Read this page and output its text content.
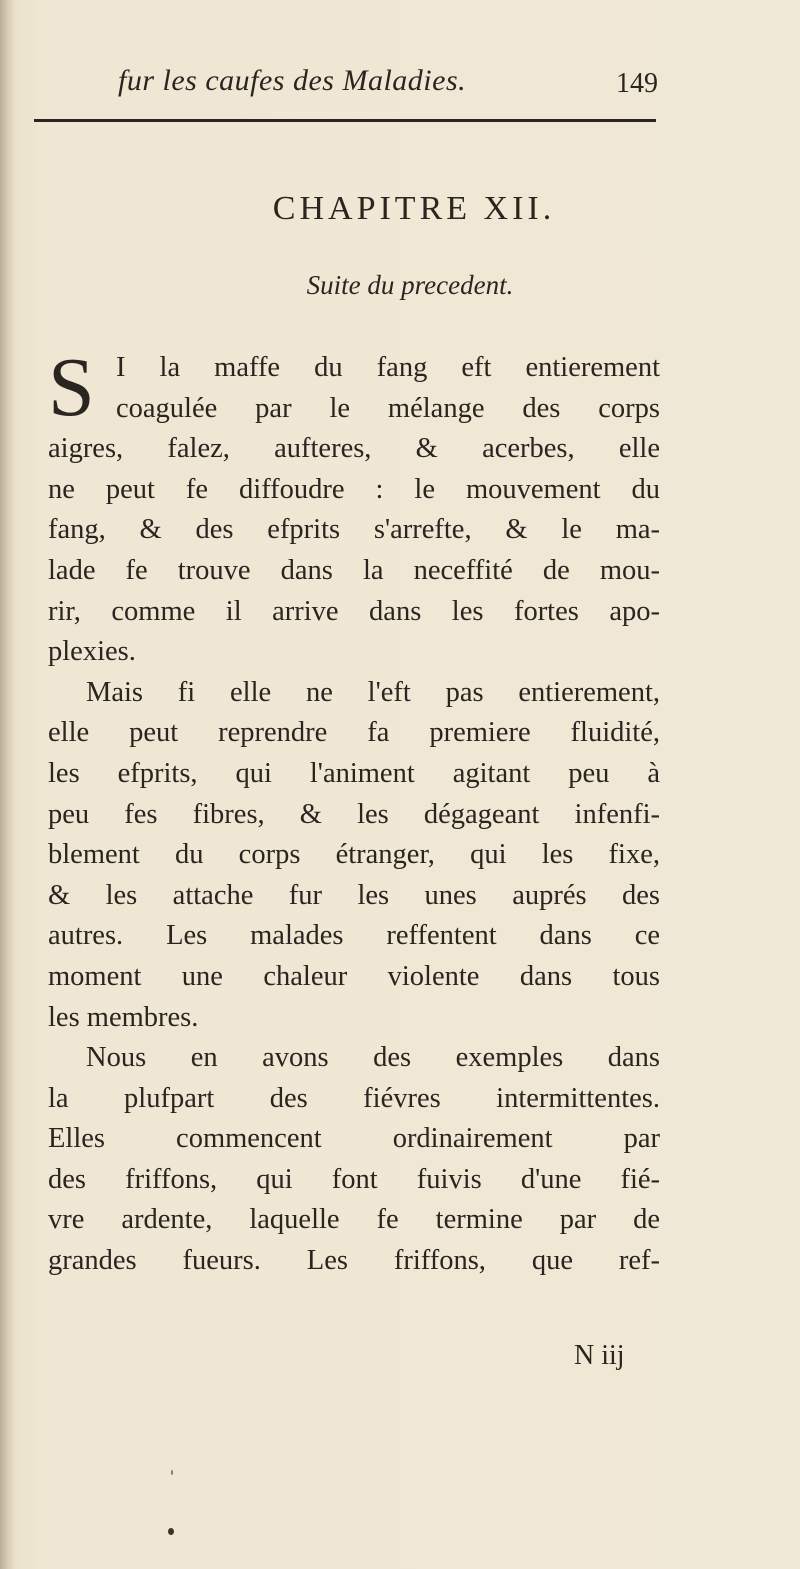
fur les caufes des Maladies.	149
CHAPITRE XII.
Suite du precedent.
S I la maffe du fang eft entierement
coagulée par le mélange des corps
aigres, falez, aufteres, & acerbes, elle
ne peut fe diffoudre : le mouvement du
fang, & des efprits s'arrefte, & le ma-
lade fe trouve dans la neceffité de mou-
rir, comme il arrive dans les fortes apo-
plexies.
Mais fi elle ne l'eft pas entierement,
elle peut reprendre fa premiere fluidité,
les efprits, qui l'animent agitant peu à
peu fes fibres, & les dégageant infenfi-
blement du corps étranger, qui les fixe,
& les attache fur les unes auprés des
autres. Les malades reffentent dans ce
moment une chaleur violente dans tous
les membres.
Nous en avons des exemples dans
la plufpart des fiévres intermittentes.
Elles commencent ordinairement par
des friffons, qui font fuivis d'une fié-
vre ardente, laquelle fe termine par de
grandes fueurs. Les friffons, que ref-
N iij
